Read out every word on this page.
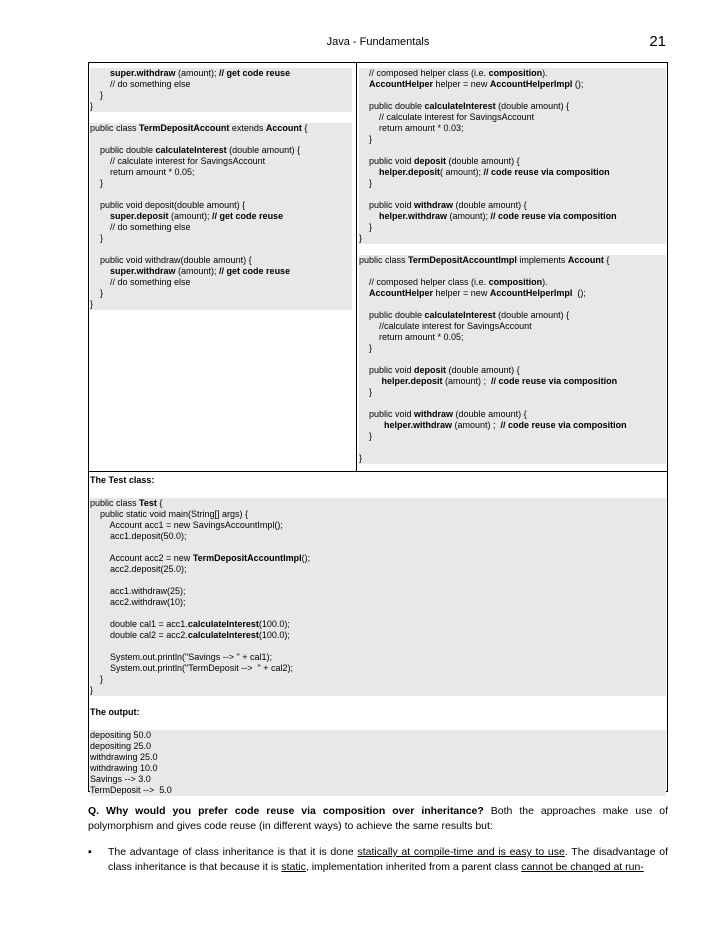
Java - Fundamentals	21
super.withdraw (amount); // get code reuse
// do something else
}
}
public class TermDepositAccount extends Account {
public double calculateInterest (double amount) {
// calculate interest for SavingsAccount
return amount * 0.05;
}
public void deposit(double amount) {
super.deposit (amount); // get code reuse
// do something else
}
public void withdraw(double amount) {
super.withdraw (amount); // get code reuse
// do something else
}
}
// composed helper class (i.e. composition).
AccountHelper helper = new AccountHelperImpl ();
public double calculateInterest (double amount) {
// calculate interest for SavingsAccount
return amount * 0.03;
}
public void deposit (double amount) {
helper.deposit( amount); // code reuse via composition
}
public void withdraw (double amount) {
helper.withdraw (amount); // code reuse via composition
}
}
public class TermDepositAccountImpl implements Account {
// composed helper class (i.e. composition).
AccountHelper helper = new AccountHelperImpl  ();
public double calculateInterest (double amount) {
//calculate interest for SavingsAccount
return amount * 0.05;
}
public void deposit (double amount) {
helper.deposit (amount) ;  // code reuse via composition
}
public void withdraw (double amount) {
helper.withdraw (amount) ;  // code reuse via composition
}
}
The Test class:
public class Test {
public static void main(String[] args) {
Account acc1 = new SavingsAccountImpl();
acc1.deposit(50.0);
Account acc2 = new TermDepositAccountImpl();
acc2.deposit(25.0);
acc1.withdraw(25);
acc2.withdraw(10);
double cal1 = acc1.calculateInterest(100.0);
double cal2 = acc2.calculateInterest(100.0);
System.out.println("Savings --> " + cal1);
System.out.println("TermDeposit -->  " + cal2);
}
}
The output:
depositing 50.0
depositing 25.0
withdrawing 25.0
withdrawing 10.0
Savings --> 3.0
TermDeposit -->  5.0
Q. Why would you prefer code reuse via composition over inheritance? Both the approaches make use of polymorphism and gives code reuse (in different ways) to achieve the same results but:
▪	The advantage of class inheritance is that it is done statically at compile-time and is easy to use. The disadvantage of class inheritance is that because it is static, implementation inherited from a parent class cannot be changed at run-
